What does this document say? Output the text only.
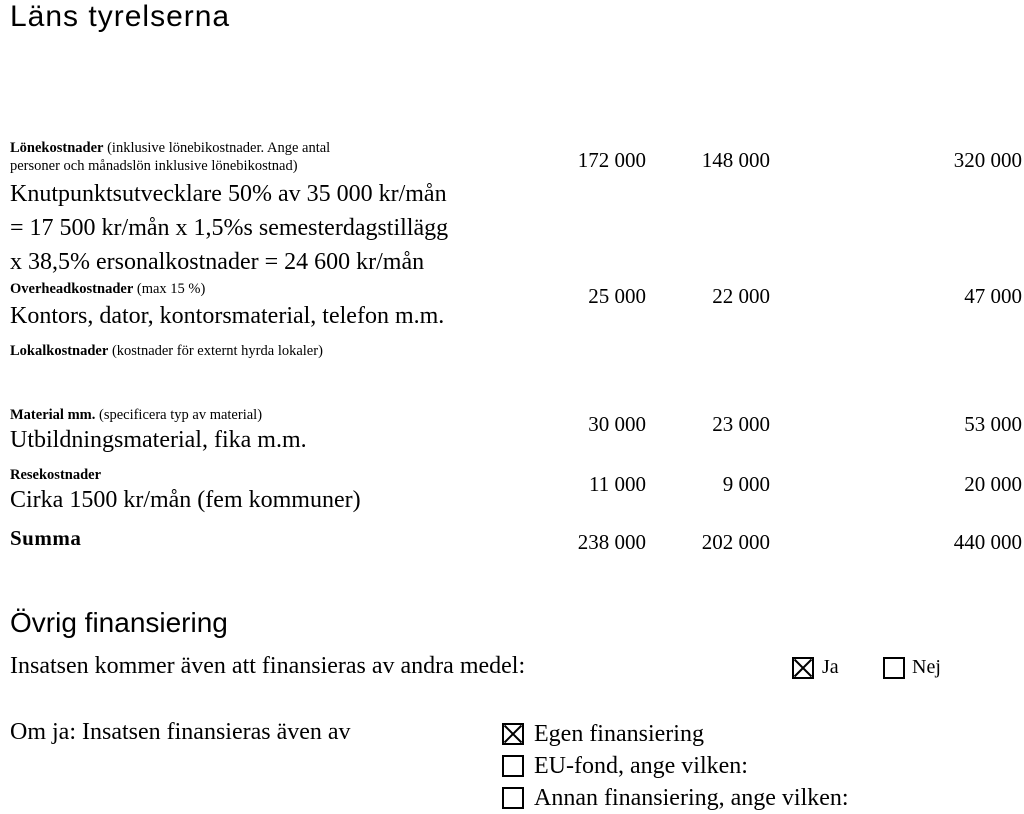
Läns tyrelserna
Lönekostnader (inklusive lönebikostnader. Ange antal
personer och månadslön inklusive lönebikostnad)
Knutpunktsutvecklare 50% av 35 000 kr/mån
= 17 500 kr/mån x 1,5%s semesterdagstillägg
x 38,5% ersonalkostnader = 24 600 kr/mån
172 000	148 000	320 000
Overheadkostnader (max 15 %)
Kontors, dator, kontorsmaterial, telefon m.m.
25 000	22 000	47 000
Lokalkostnader (kostnader för externt hyrda lokaler)
Material mm. (specificera typ av material)
Utbildningsmaterial, fika m.m.
30 000	23 000	53 000
Resekostnader
Cirka 1500 kr/mån (fem kommuner)
11 000	9 000	20 000
Summa	238 000	202 000	440 000
Övrig finansiering
Insatsen kommer även att finansieras av andra medel:	Ja	Nej
Om ja: Insatsen finansieras även av	Egen finansiering
EU-fond, ange vilken:
Annan finansiering, ange vilken:
